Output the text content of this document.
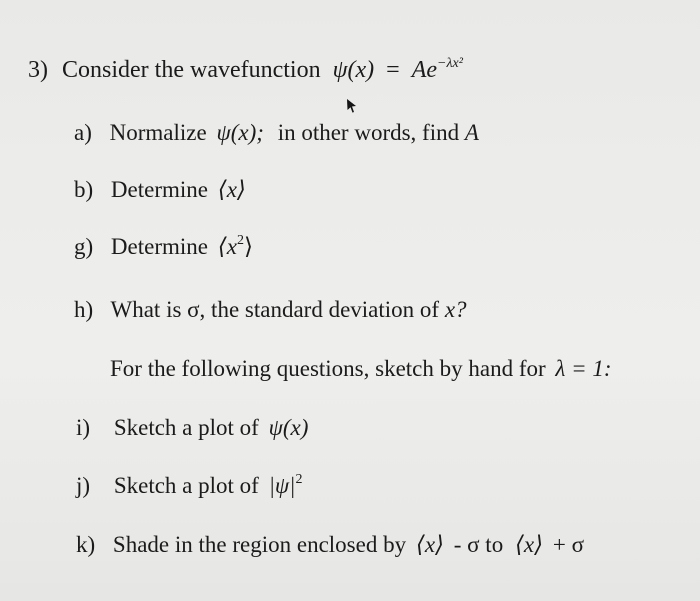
3) Consider the wavefunction $\psi(x) = Ae^{-\lambda x^2}$
a) Normalize ψ(x); in other words, find A
b) Determine ⟨x⟩
g) Determine $⟨x^2⟩$
h) What is σ, the standard deviation of x?
For the following questions, sketch by hand for λ = 1:
i) Sketch a plot of ψ(x)
j) Sketch a plot of $|\psi|^2$
k) Shade in the region enclosed by ⟨x⟩ - σ to ⟨x⟩ + σ
